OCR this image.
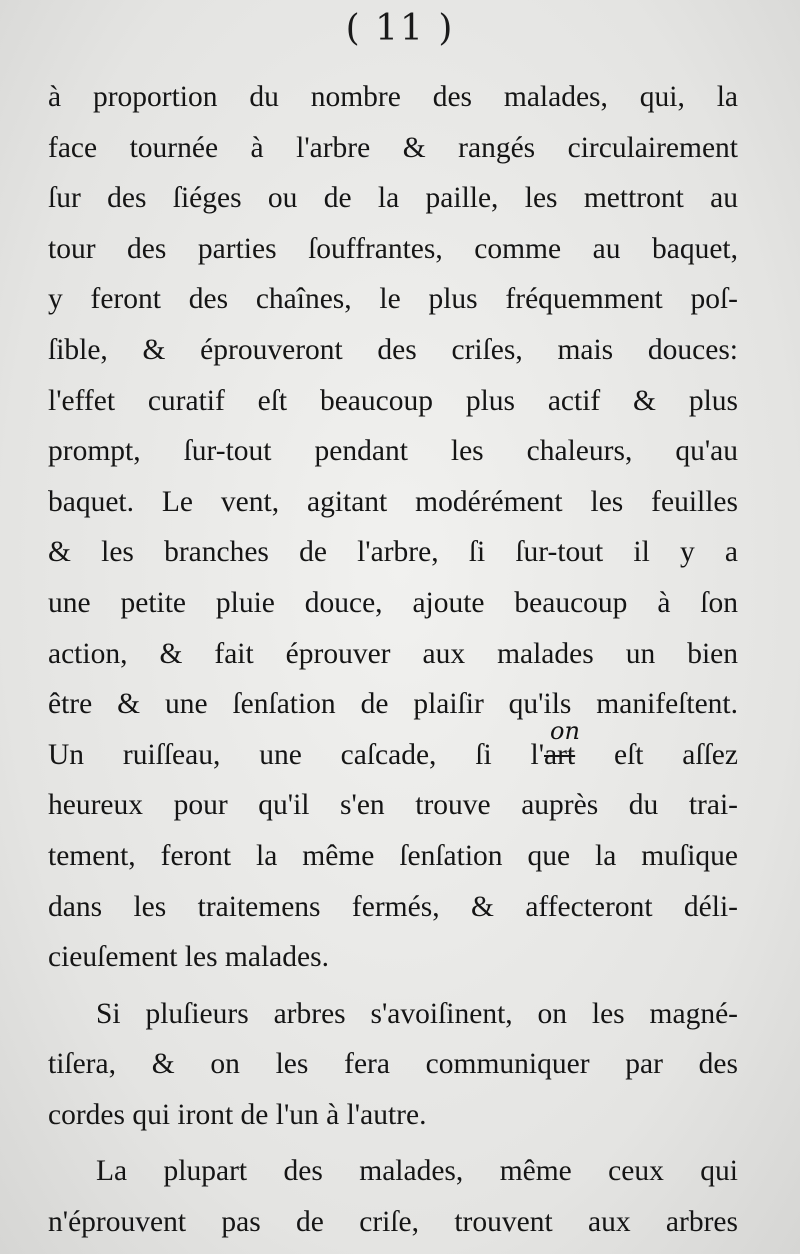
( 11 )
à proportion du nombre des malades, qui, la
face tournée à l'arbre & rangés circulairement
ſur des ſiéges ou de la paille, les mettront au
tour des parties ſouffrantes, comme au baquet,
y feront des chaînes, le plus fréquemment poſ-
ſible, & éprouveront des criſes, mais douces:
l'effet curatif eſt beaucoup plus actif & plus
prompt, ſur-tout pendant les chaleurs, qu'au
baquet. Le vent, agitant modérément les feuilles
& les branches de l'arbre, ſi ſur-tout il y a
une petite pluie douce, ajoute beaucoup à ſon
action, & fait éprouver aux malades un bien
être & une ſenſation de plaiſir qu'ils manifeſtent.
Un ruiſſeau, une caſcade, ſi l'
on
art eſt aſſez
heureux pour qu'il s'en trouve auprès du trai-
tement, feront la même ſenſation que la muſique
dans les traitemens fermés, & affecteront déli-
cieuſement les malades.
Si pluſieurs arbres s'avoiſinent, on les magné-
tiſera, & on les fera communiquer par des
cordes qui iront de l'un à l'autre.
La plupart des malades, même ceux qui
n'éprouvent pas de criſe, trouvent aux arbres
